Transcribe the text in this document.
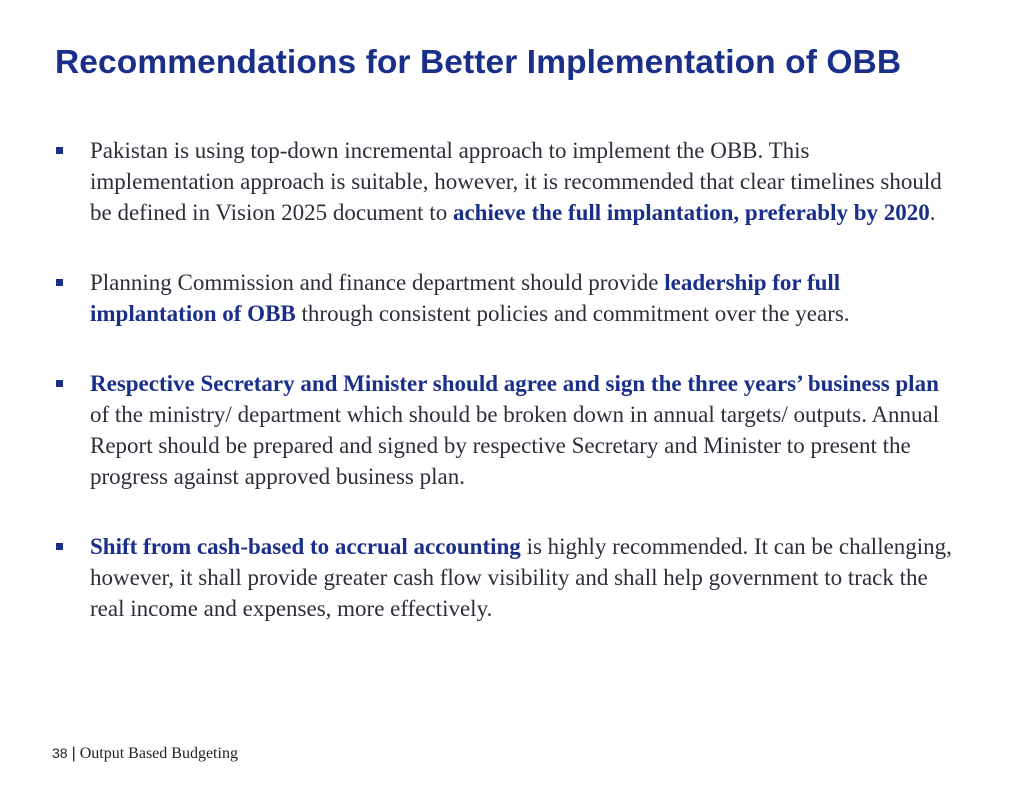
Recommendations for Better Implementation of OBB
Pakistan is using top-down incremental approach to implement the OBB. This implementation approach is suitable, however, it is recommended that clear timelines should be defined in Vision 2025 document to achieve the full implantation, preferably by 2020.
Planning Commission and finance department should provide leadership for full implantation of OBB through consistent policies and commitment over the years.
Respective Secretary and Minister should agree and sign the three years’ business plan of the ministry/ department which should be broken down in annual targets/ outputs. Annual Report should be prepared and signed by respective Secretary and Minister to present the progress against approved business plan.
Shift from cash-based to accrual accounting is highly recommended. It can be challenging, however, it shall provide greater cash flow visibility and shall help government to track the real income and expenses, more effectively.
38 | Output Based Budgeting
